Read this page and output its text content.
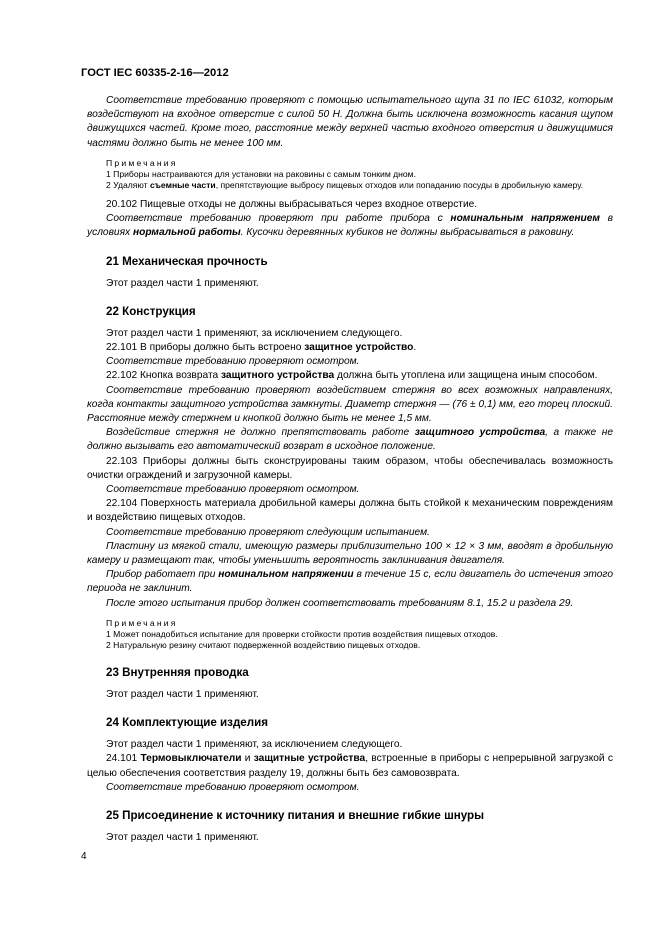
ГОСТ IEC 60335-2-16—2012

Соответствие требованию проверяют с помощью испытательного щупа 31 по IEC 61032, которым воздействуют на входное отверстие с силой 50 Н. Должна быть исключена возможность касания щупом движущихся частей. Кроме того, расстояние между верхней частью входного отверстия и движущимися частями должно быть не менее 100 мм.

Примечания

1 Приборы настраиваются для установки на раковины с самым тонким дном.

2 Удаляют съемные части, препятствующие выбросу пищевых отходов или попаданию посуды в дробильную камеру.

20.102 Пищевые отходы не должны выбрасываться через входное отверстие.

Соответствие требованию проверяют при работе прибора с номинальным напряжением в условиях нормальной работы. Кусочки деревянных кубиков не должны выбрасываться в раковину.

21 Механическая прочность

Этот раздел части 1 применяют.

22 Конструкция

Этот раздел части 1 применяют, за исключением следующего.

22.101 В приборы должно быть встроено защитное устройство.

Соответствие требованию проверяют осмотром.

22.102 Кнопка возврата защитного устройства должна быть утоплена или защищена иным способом.

Соответствие требованию проверяют воздействием стержня во всех возможных направлениях, когда контакты защитного устройства замкнуты. Диаметр стержня — (76 ± 0,1) мм, его торец плоский. Расстояние между стержнем и кнопкой должно быть не менее 1,5 мм.

Воздействие стержня не должно препятствовать работе защитного устройства, а также не должно вызывать его автоматический возврат в исходное положение.

22.103 Приборы должны быть сконструированы таким образом, чтобы обеспечивалась возможность очистки ограждений и загрузочной камеры.

Соответствие требованию проверяют осмотром.

22.104 Поверхность материала дробильной камеры должна быть стойкой к механическим повреждениям и воздействию пищевых отходов.

Соответствие требованию проверяют следующим испытанием.

Пластину из мягкой стали, имеющую размеры приблизительно 100 × 12 × 3 мм, вводят в дробильную камеру и размещают так, чтобы уменьшить вероятность заклинивания двигателя.

Прибор работает при номинальном напряжении в течение 15 с, если двигатель до истечения этого периода не заклинит.

После этого испытания прибор должен соответствовать требованиям 8.1, 15.2 и раздела 29.

Примечания

1 Может понадобиться испытание для проверки стойкости против воздействия пищевых отходов.

2 Натуральную резину считают подверженной воздействию пищевых отходов.

23 Внутренняя проводка

Этот раздел части 1 применяют.

24 Комплектующие изделия

Этот раздел части 1 применяют, за исключением следующего.

24.101 Термовыключатели и защитные устройства, встроенные в приборы с непрерывной загрузкой с целью обеспечения соответствия разделу 19, должны быть без самовозврата.

Соответствие требованию проверяют осмотром.

25 Присоединение к источнику питания и внешние гибкие шнуры

Этот раздел части 1 применяют.

4
